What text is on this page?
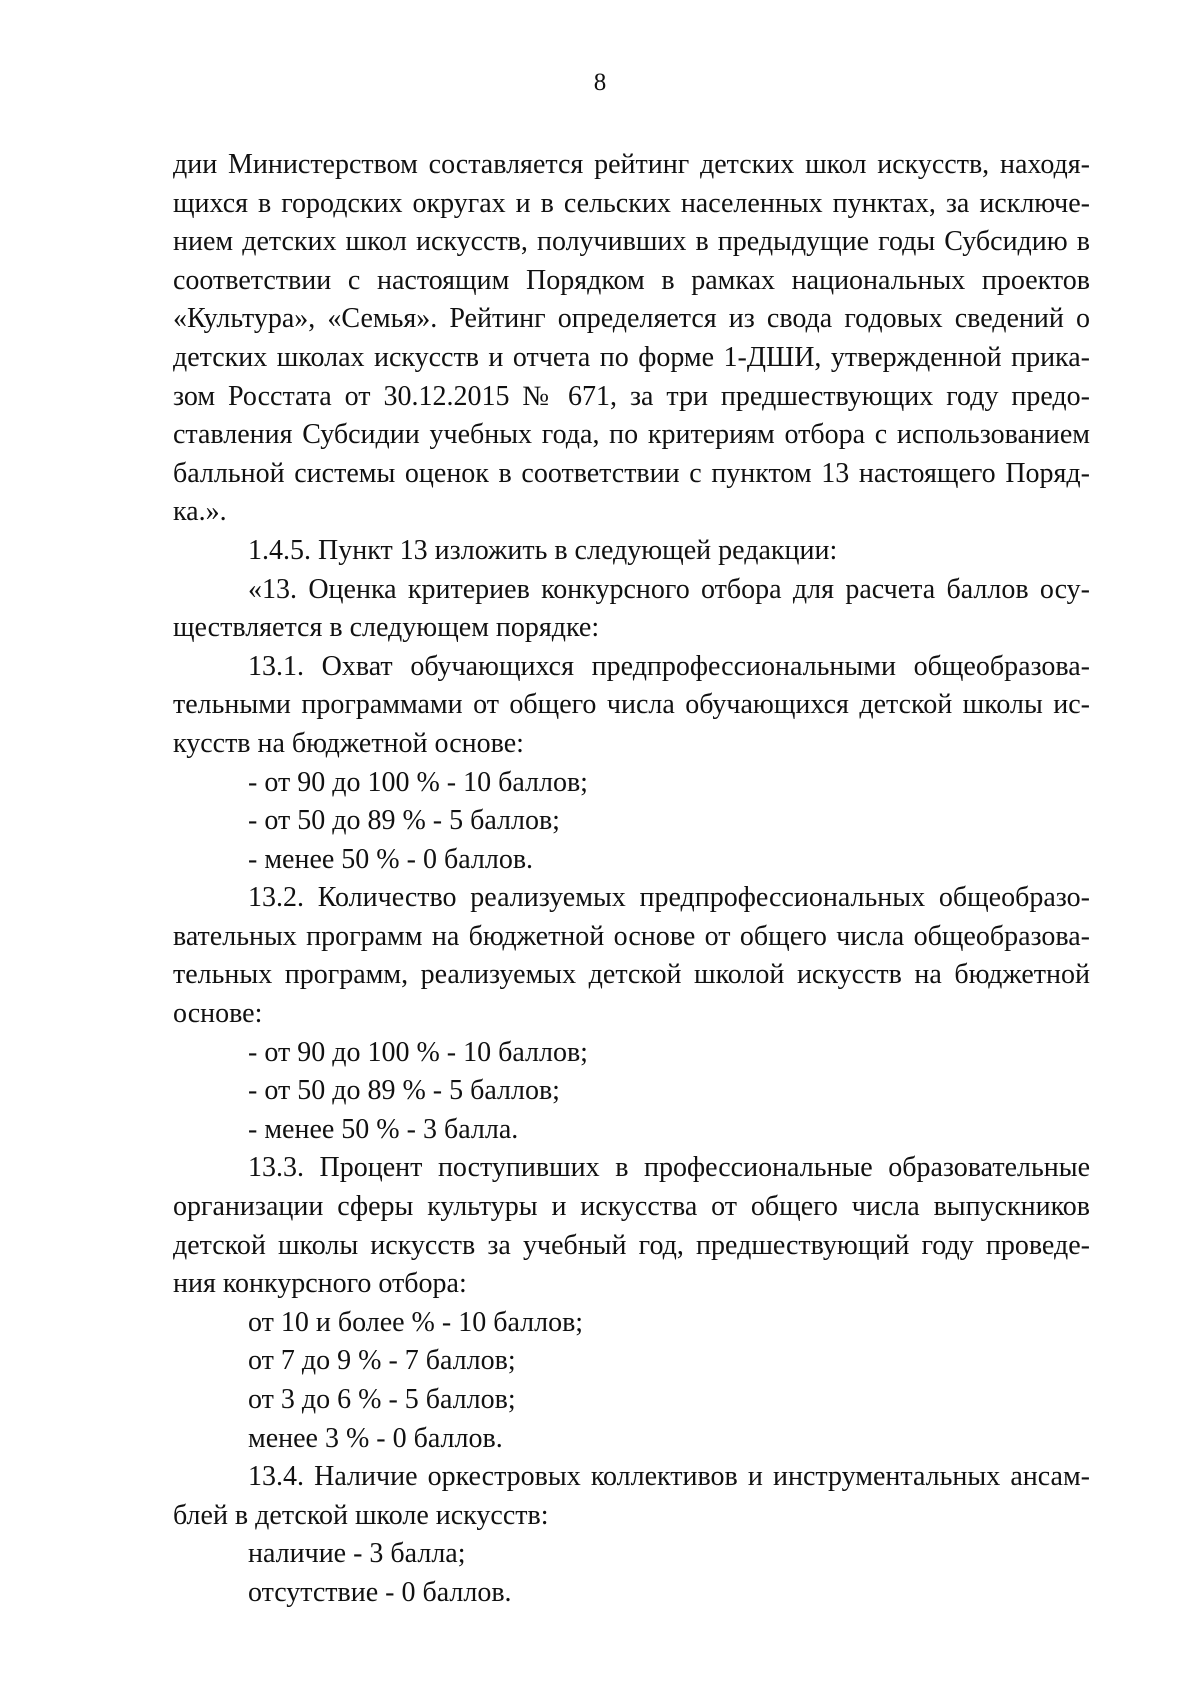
8
дии Министерством составляется рейтинг детских школ искусств, находя-
щихся в городских округах и в сельских населенных пунктах, за исключе-
нием детских школ искусств, получивших в предыдущие годы Субсидию в
соответствии с настоящим Порядком в рамках национальных проектов
«Культура», «Семья». Рейтинг определяется из свода годовых сведений о
детских школах искусств и отчета по форме 1-ДШИ, утвержденной прика-
зом Росстата от 30.12.2015 № 671, за три предшествующих году предо-
ставления Субсидии учебных года, по критериям отбора с использованием
балльной системы оценок в соответствии с пунктом 13 настоящего Поряд-
ка.».
1.4.5. Пункт 13 изложить в следующей редакции:
«13. Оценка критериев конкурсного отбора для расчета баллов осу-
ществляется в следующем порядке:
13.1. Охват обучающихся предпрофессиональными общеобразова-
тельными программами от общего числа обучающихся детской школы ис-
кусств на бюджетной основе:
- от 90 до 100 % - 10 баллов;
- от 50 до 89 % - 5 баллов;
- менее 50 % - 0 баллов.
13.2. Количество реализуемых предпрофессиональных общеобразо-
вательных программ на бюджетной основе от общего числа общеобразова-
тельных программ, реализуемых детской школой искусств на бюджетной
основе:
- от 90 до 100 % - 10 баллов;
- от 50 до 89 % - 5 баллов;
- менее 50 % - 3 балла.
13.3. Процент поступивших в профессиональные образовательные
организации сферы культуры и искусства от общего числа выпускников
детской школы искусств за учебный год, предшествующий году проведе-
ния конкурсного отбора:
от 10 и более % - 10 баллов;
от 7 до 9 % - 7 баллов;
от 3 до 6 % - 5 баллов;
менее 3 % - 0 баллов.
13.4. Наличие оркестровых коллективов и инструментальных ансам-
блей в детской школе искусств:
наличие - 3 балла;
отсутствие - 0 баллов.
